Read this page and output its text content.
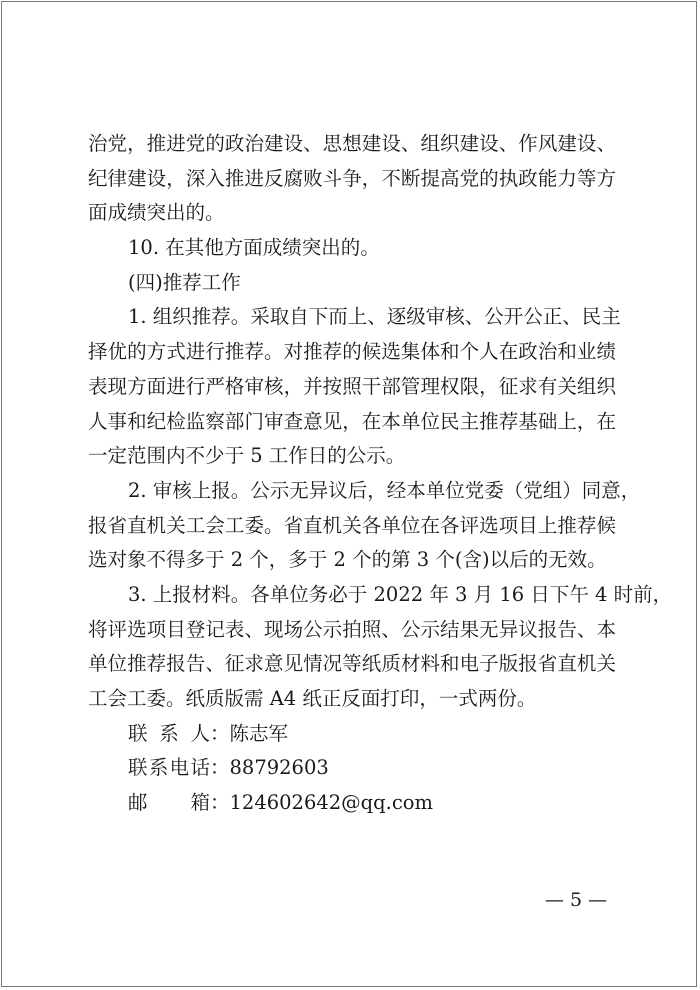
治党，推进党的政治建设、思想建设、组织建设、作风建设、
纪律建设，深入推进反腐败斗争，不断提高党的执政能力等方
面成绩突出的。
10. 在其他方面成绩突出的。
(四)推荐工作
1. 组织推荐。采取自下而上、逐级审核、公开公正、民主
择优的方式进行推荐。对推荐的候选集体和个人在政治和业绩
表现方面进行严格审核，并按照干部管理权限，征求有关组织
人事和纪检监察部门审查意见，在本单位民主推荐基础上，在
一定范围内不少于 5 工作日的公示。
2. 审核上报。公示无异议后，经本单位党委（党组）同意，
报省直机关工会工委。省直机关各单位在各评选项目上推荐候
选对象不得多于 2 个，多于 2 个的第 3 个(含)以后的无效。
3. 上报材料。各单位务必于 2022 年 3 月 16 日下午 4 时前，
将评选项目登记表、现场公示拍照、公示结果无异议报告、本
单位推荐报告、征求意见情况等纸质材料和电子版报省直机关
工会工委。纸质版需 A4 纸正反面打印，一式两份。
联系人 ： 陈志军
联系电话 ： 88792603
邮箱 ： 124602642@qq.com
— 5 —
